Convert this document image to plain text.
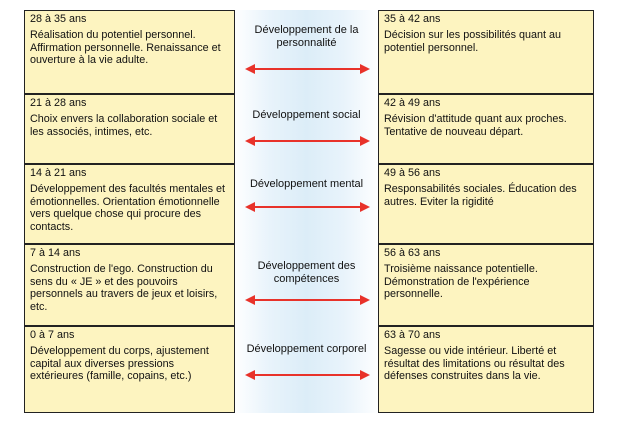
28 à 35 ans
Réalisation du potentiel personnel. Affirmation personnelle. Renaissance et ouverture à la vie adulte.
Développement de la personnalité
35 à 42 ans
Décision sur les possibilités quant au potentiel personnel.
21 à 28 ans
Choix envers la collaboration sociale et les associés, intimes, etc.
Développement social
42 à 49 ans
Révision d'attitude quant aux proches. Tentative de nouveau départ.
14 à 21 ans
Développement des facultés mentales et émotionnelles. Orientation émotionnelle vers quelque chose qui procure des contacts.
Développement mental
49 à 56 ans
Responsabilités sociales. Éducation des autres. Eviter la rigidité
7 à 14 ans
Construction de l'ego. Construction du sens du « JE » et des pouvoirs personnels au travers de jeux et loisirs, etc.
Développement des compétences
56 à 63 ans
Troisième naissance potentielle. Démonstration de l'expérience personnelle.
0 à 7 ans
Développement du corps, ajustement capital aux diverses pressions extérieures (famille, copains, etc.)
Développement corporel
63 à 70 ans
Sagesse ou vide intérieur. Liberté et résultat des limitations ou résultat des défenses construites dans la vie.
